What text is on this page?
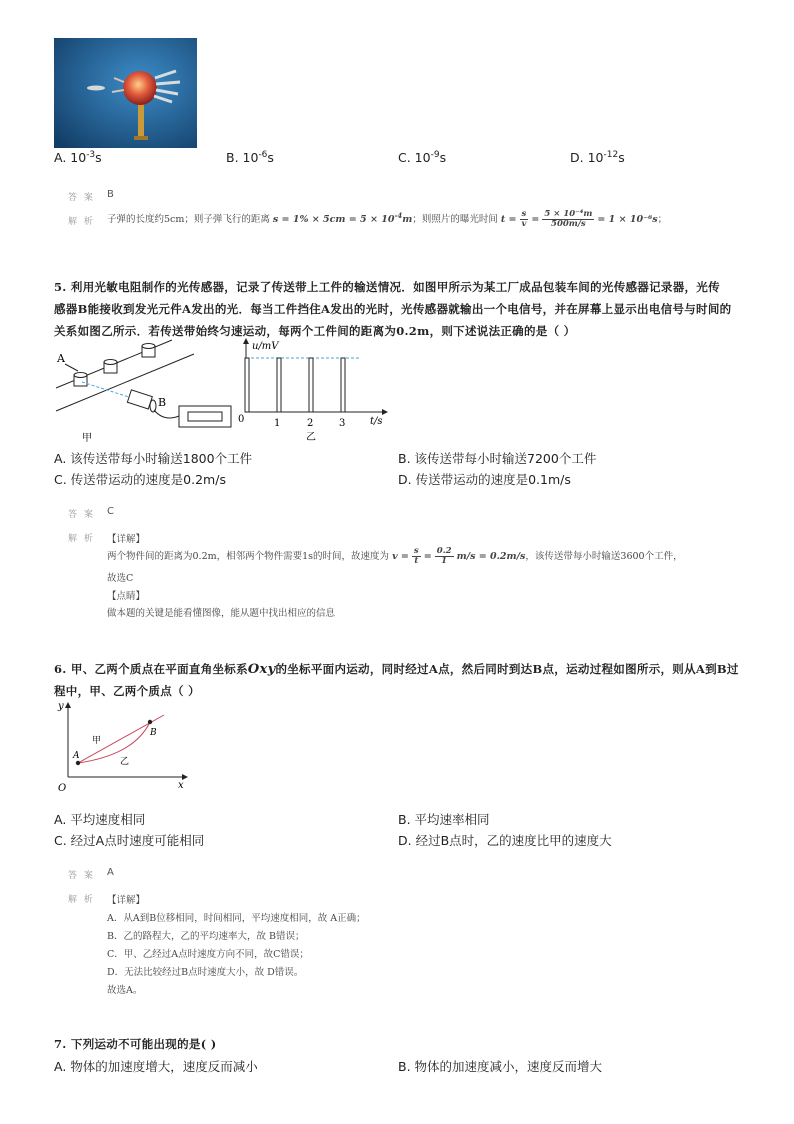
A. $10^{-3}s$	B. $10^{-6}s$	C. $10^{-9}s$	D. $10^{-12}s$
答 案 B
解 析 子弹的长度约5cm；则子弹飞行的距离 $s = 1\% \times 5cm = 5 \times 10^{-4}m$；则照片的曝光时间 $t = \frac{s}{v} = \frac{\text{5 × 10⁻⁴m}}{500m/s} = 1 \times 10^{-6}s$；
5. 利用光敏电阻制作的光传感器，记录了传送带上工件的输送情况．如图甲所示为某工厂成品包装车间的光传感器记录器，光传
感器B能接收到发光元件A发出的光．每当工件挡住A发出的光时，光传感器就输出一个电信号，并在屏幕上显示出电信号与时间的
关系如图乙所示．若传送带始终匀速运动，每两个工件间的距离为0.2m，则下述说法正确的是（ ）
A
B
甲
u/mV
t/s
0	1	2	3
乙
A. 该传送带每小时输送1800个工件	B. 该传送带每小时输送7200个工件
C. 传送带运动的速度是0.2m/s	D. 传送带运动的速度是0.1m/s
答 案 C
解 析 【详解】
两个物件间的距离为0.2m，相邻两个物件需要1s的时间，故速度为 $v = \frac{s}{t} = \frac{0.2}{1} m/s = 0.2m/s$，该传送带每小时输送3600个工件，
故选C
【点睛】
做本题的关键是能看懂图像，能从题中找出相应的信息
6. 甲、乙两个质点在平面直角坐标系Oxy的坐标平面内运动，同时经过A点，然后同时到达B点，运动过程如图所示，则从A到B过
程中，甲、乙两个质点（ ）
y
x
O
A
B
甲
乙
A. 平均速度相同	B. 平均速率相同
C. 经过A点时速度可能相同	D. 经过B点时，乙的速度比甲的速度大
答 案 A
解 析 【详解】
A．从A到B位移相同，时间相同，平均速度相同，故 A正确；
B．乙的路程大，乙的平均速率大，故 B错误；
C．甲、乙经过A点时速度方向不同，故C错误；
D．无法比较经过B点时速度大小，故 D错误。
故选A。
7. 下列运动不可能出现的是( )
A. 物体的加速度增大，速度反而减小	B. 物体的加速度减小，速度反而增大
